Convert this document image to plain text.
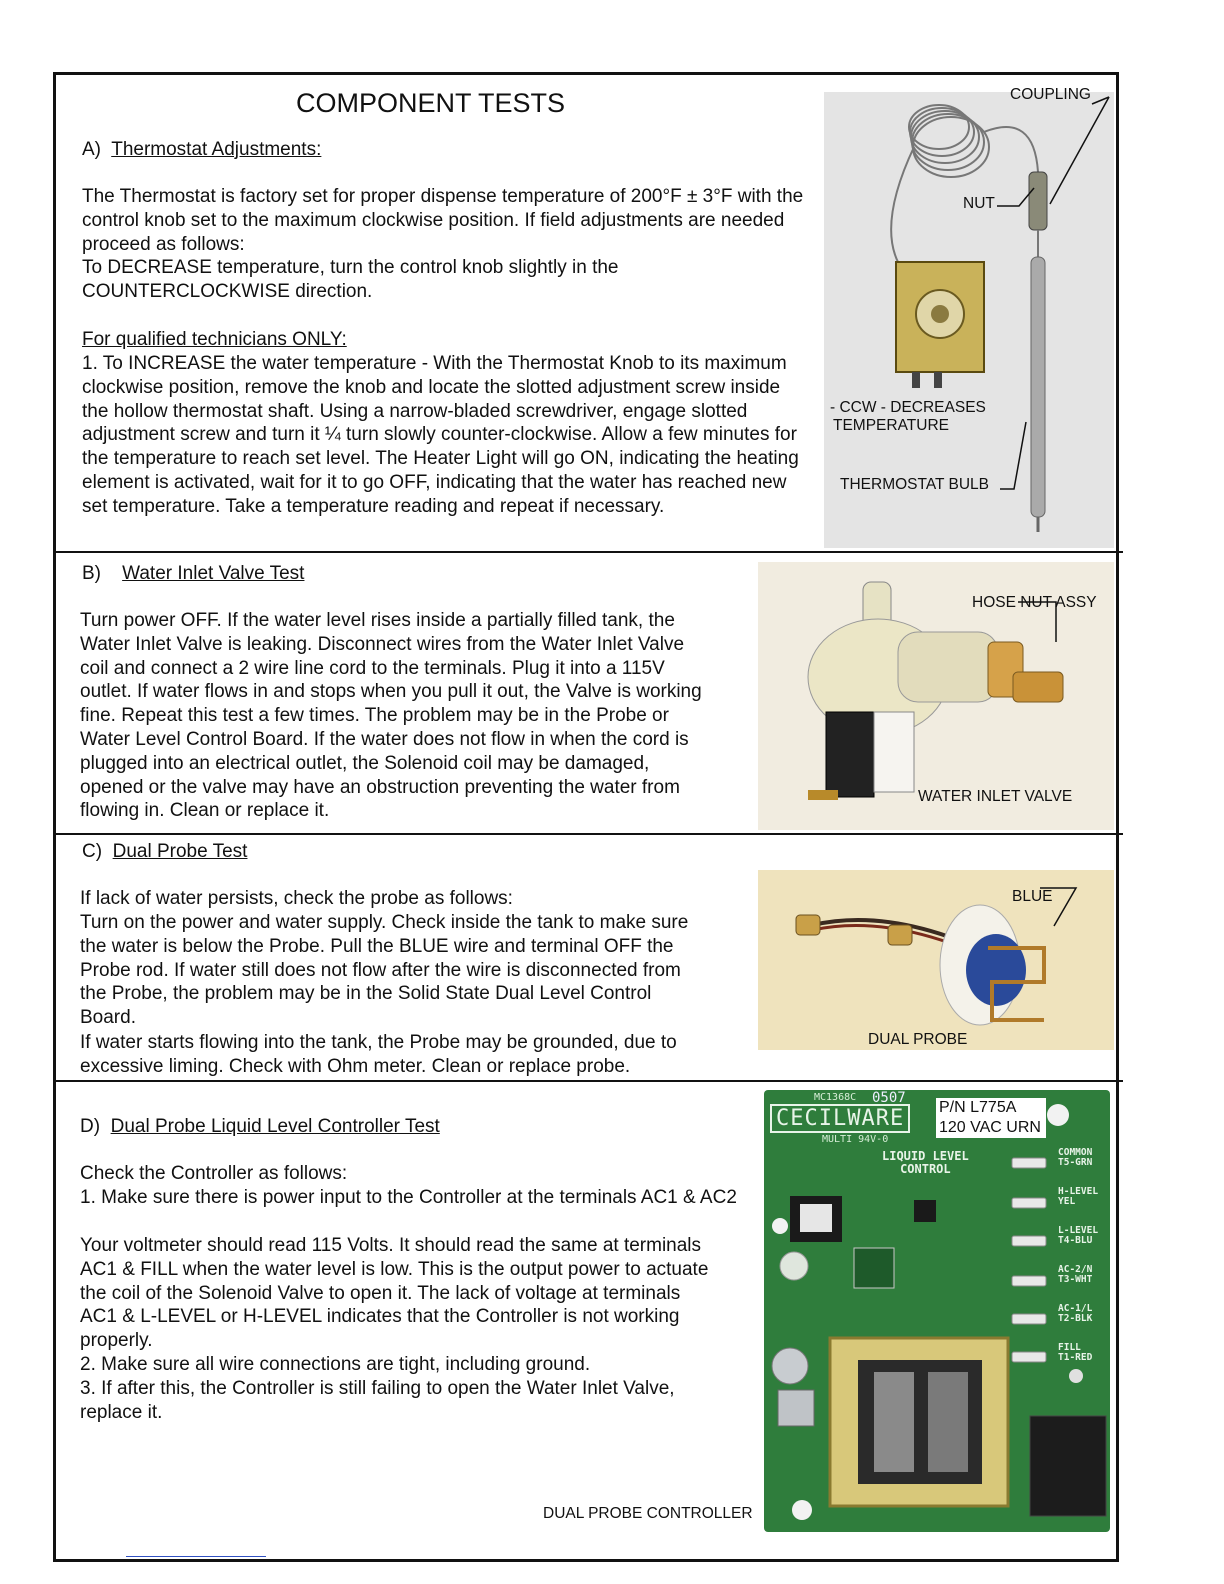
COMPONENT TESTS
A) Thermostat Adjustments:
The Thermostat is factory set for proper dispense temperature of 200°F ± 3°F with the control knob set to the maximum clockwise position. If field adjustments are needed proceed as follows:
To DECREASE temperature, turn the control knob slightly in the COUNTERCLOCKWISE direction.
For qualified technicians ONLY:
1. To INCREASE the water temperature - With the Thermostat Knob to its maximum clockwise position, remove the knob and locate the slotted adjustment screw inside the hollow thermostat shaft. Using a narrow-bladed screwdriver, engage slotted adjustment screw and turn it ¼ turn slowly counter-clockwise. Allow a few minutes for the temperature to reach set level. The Heater Light will go ON, indicating the heating element is activated, wait for it to go OFF, indicating that the water has reached new set temperature. Take a temperature reading and repeat if necessary.
COUPLING
NUT
- CCW - DECREASES
TEMPERATURE
THERMOSTAT BULB
B) Water Inlet Valve Test
Turn power OFF. If the water level rises inside a partially filled tank, the Water Inlet Valve is leaking. Disconnect wires from the Water Inlet Valve coil and connect a 2 wire line cord to the terminals. Plug it into a 115V outlet. If water flows in and stops when you pull it out, the Valve is working fine. Repeat this test a few times. The problem may be in the Probe or Water Level Control Board. If the water does not flow in when the cord is plugged into an electrical outlet, the Solenoid coil may be damaged, opened or the valve may have an obstruction preventing the water from flowing in. Clean or replace it.
HOSE NUT ASSY
WATER INLET VALVE
C) Dual Probe Test
If lack of water persists, check the probe as follows:
Turn on the power and water supply. Check inside the tank to make sure the water is below the Probe. Pull the BLUE wire and terminal OFF the Probe rod. If water still does not flow after the wire is disconnected from the Probe, the problem may be in the Solid State Dual Level Control Board.
If water starts flowing into the tank, the Probe may be grounded, due to excessive liming. Check with Ohm meter. Clean or replace probe.
BLUE
DUAL PROBE
D) Dual Probe Liquid Level Controller Test
Check the Controller as follows:
1. Make sure there is power input to the Controller at the terminals AC1 & AC2
Your voltmeter should read 115 Volts. It should read the same at terminals AC1 & FILL when the water level is low. This is the output power to actuate the coil of the Solenoid Valve to open it. The lack of voltage at terminals AC1 & L-LEVEL or H-LEVEL indicates that the Controller is not working properly.
2. Make sure all wire connections are tight, including ground.
3. If after this, the Controller is still failing to open the Water Inlet Valve, replace it.
DUAL PROBE CONTROLLER
MC1368C 0507
CECILWARE
MULTI 94V-0
P/N L775A
120 VAC URN
LIQUID LEVEL
CONTROL
COMMON
T5-GRN
H-LEVEL
YEL
L-LEVEL
T4-BLU
AC-2/N
T3-WHT
AC-1/L
T2-BLK
FILL
T1-RED
